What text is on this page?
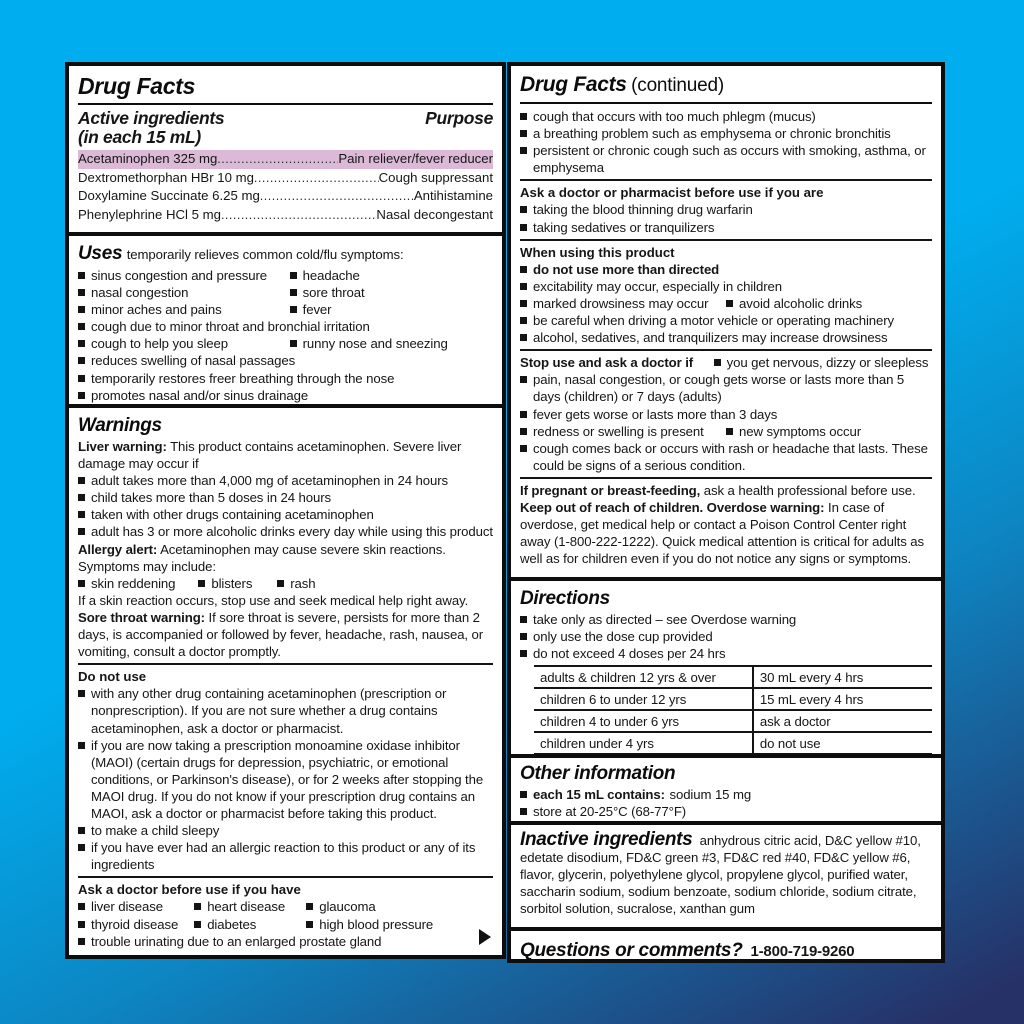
Drug Facts
Active ingredients
(in each 15 mL)
Purpose
Acetaminophen 325 mg .....	Pain reliever/fever reducer
Dextromethorphan HBr 10 mg .....	Cough suppressant
Doxylamine Succinate 6.25 mg .....	Antihistamine
Phenylephrine HCl 5 mg .....	Nasal decongestant
Uses temporarily relieves common cold/flu symptoms:
sinus congestion and pressure	headache
nasal congestion	sore throat
minor aches and pains	fever
cough due to minor throat and bronchial irritation
cough to help you sleep	runny nose and sneezing
reduces swelling of nasal passages
temporarily restores freer breathing through the nose
promotes nasal and/or sinus drainage
Warnings

Liver warning: This product contains acetaminophen. Severe liver damage may occur if

adult takes more than 4,000 mg of acetaminophen in 24 hours
child takes more than 5 doses in 24 hours
taken with other drugs containing acetaminophen
adult has 3 or more alcoholic drinks every day while using this product

Allergy alert: Acetaminophen may cause severe skin reactions.

Symptoms may include:
skin reddening	blisters	rash
If a skin reaction occurs, stop use and seek medical help right away.

Sore throat warning: If sore throat is severe, persists for more than 2 days, is accompanied or followed by fever, headache, rash, nausea, or vomiting, consult a doctor promptly.

Do not use
with any other drug containing acetaminophen (prescription or nonprescription). If you are not sure whether a drug contains acetaminophen, ask a doctor or pharmacist.
if you are now taking a prescription monoamine oxidase inhibitor (MAOI) (certain drugs for depression, psychiatric, or emotional conditions, or Parkinson's disease), or for 2 weeks after stopping the MAOI drug. If you do not know if your prescription drug contains an MAOI, ask a doctor or pharmacist before taking this product.
to make a child sleepy
if you have ever had an allergic reaction to this product or any of its ingredients
Ask a doctor before use if you have
liver disease	heart disease	glaucoma
thyroid disease diabetes	high blood pressure
trouble urinating due to an enlarged prostate gland
Drug Facts (continued)
cough that occurs with too much phlegm (mucus)
a breathing problem such as emphysema or chronic bronchitis
persistent or chronic cough such as occurs with smoking, asthma, or emphysema
Ask a doctor or pharmacist before use if you are
taking the blood thinning drug warfarin
taking sedatives or tranquilizers
When using this product
do not use more than directed
excitability may occur, especially in children
marked drowsiness may occur avoid alcoholic drinks
be careful when driving a motor vehicle or operating machinery
alcohol, sedatives, and tranquilizers may increase drowsiness
Stop use and ask a doctor if	you get nervous, dizzy or sleepless
pain, nasal congestion, or cough gets worse or lasts more than 5 days (children) or 7 days (adults)
fever gets worse or lasts more than 3 days
redness or swelling is present	new symptoms occur
cough comes back or occurs with rash or headache that lasts. These could be signs of a serious condition.

If pregnant or breast-feeding, ask a health professional before use.

Keep out of reach of children. Overdose warning: In case of overdose, get medical help or contact a Poison Control Center right away (1-800-222-1222). Quick medical attention is critical for adults as well as for children even if you do not notice any signs or symptoms.

Directions
take only as directed – see Overdose warning
only use the dose cup provided
do not exceed 4 doses per 24 hrs
adults & children 12 yrs & over	30 mL every 4 hrs
children 6 to under 12 yrs	15 mL every 4 hrs
children 4 to under 6 yrs	ask a doctor
children under 4 yrs	do not use
Other information
each 15 mL contains: sodium 15 mg
store at 20-25°C (68-77°F)
Inactive ingredients anhydrous citric acid, D&C yellow #10, edetate disodium, FD&C green #3, FD&C red #40, FD&C yellow #6, flavor, glycerin, polyethylene glycol, propylene glycol, purified water, saccharin sodium, sodium benzoate, sodium chloride, sodium citrate, sorbitol solution, sucralose, xanthan gum
Questions or comments? 1-800-719-9260
